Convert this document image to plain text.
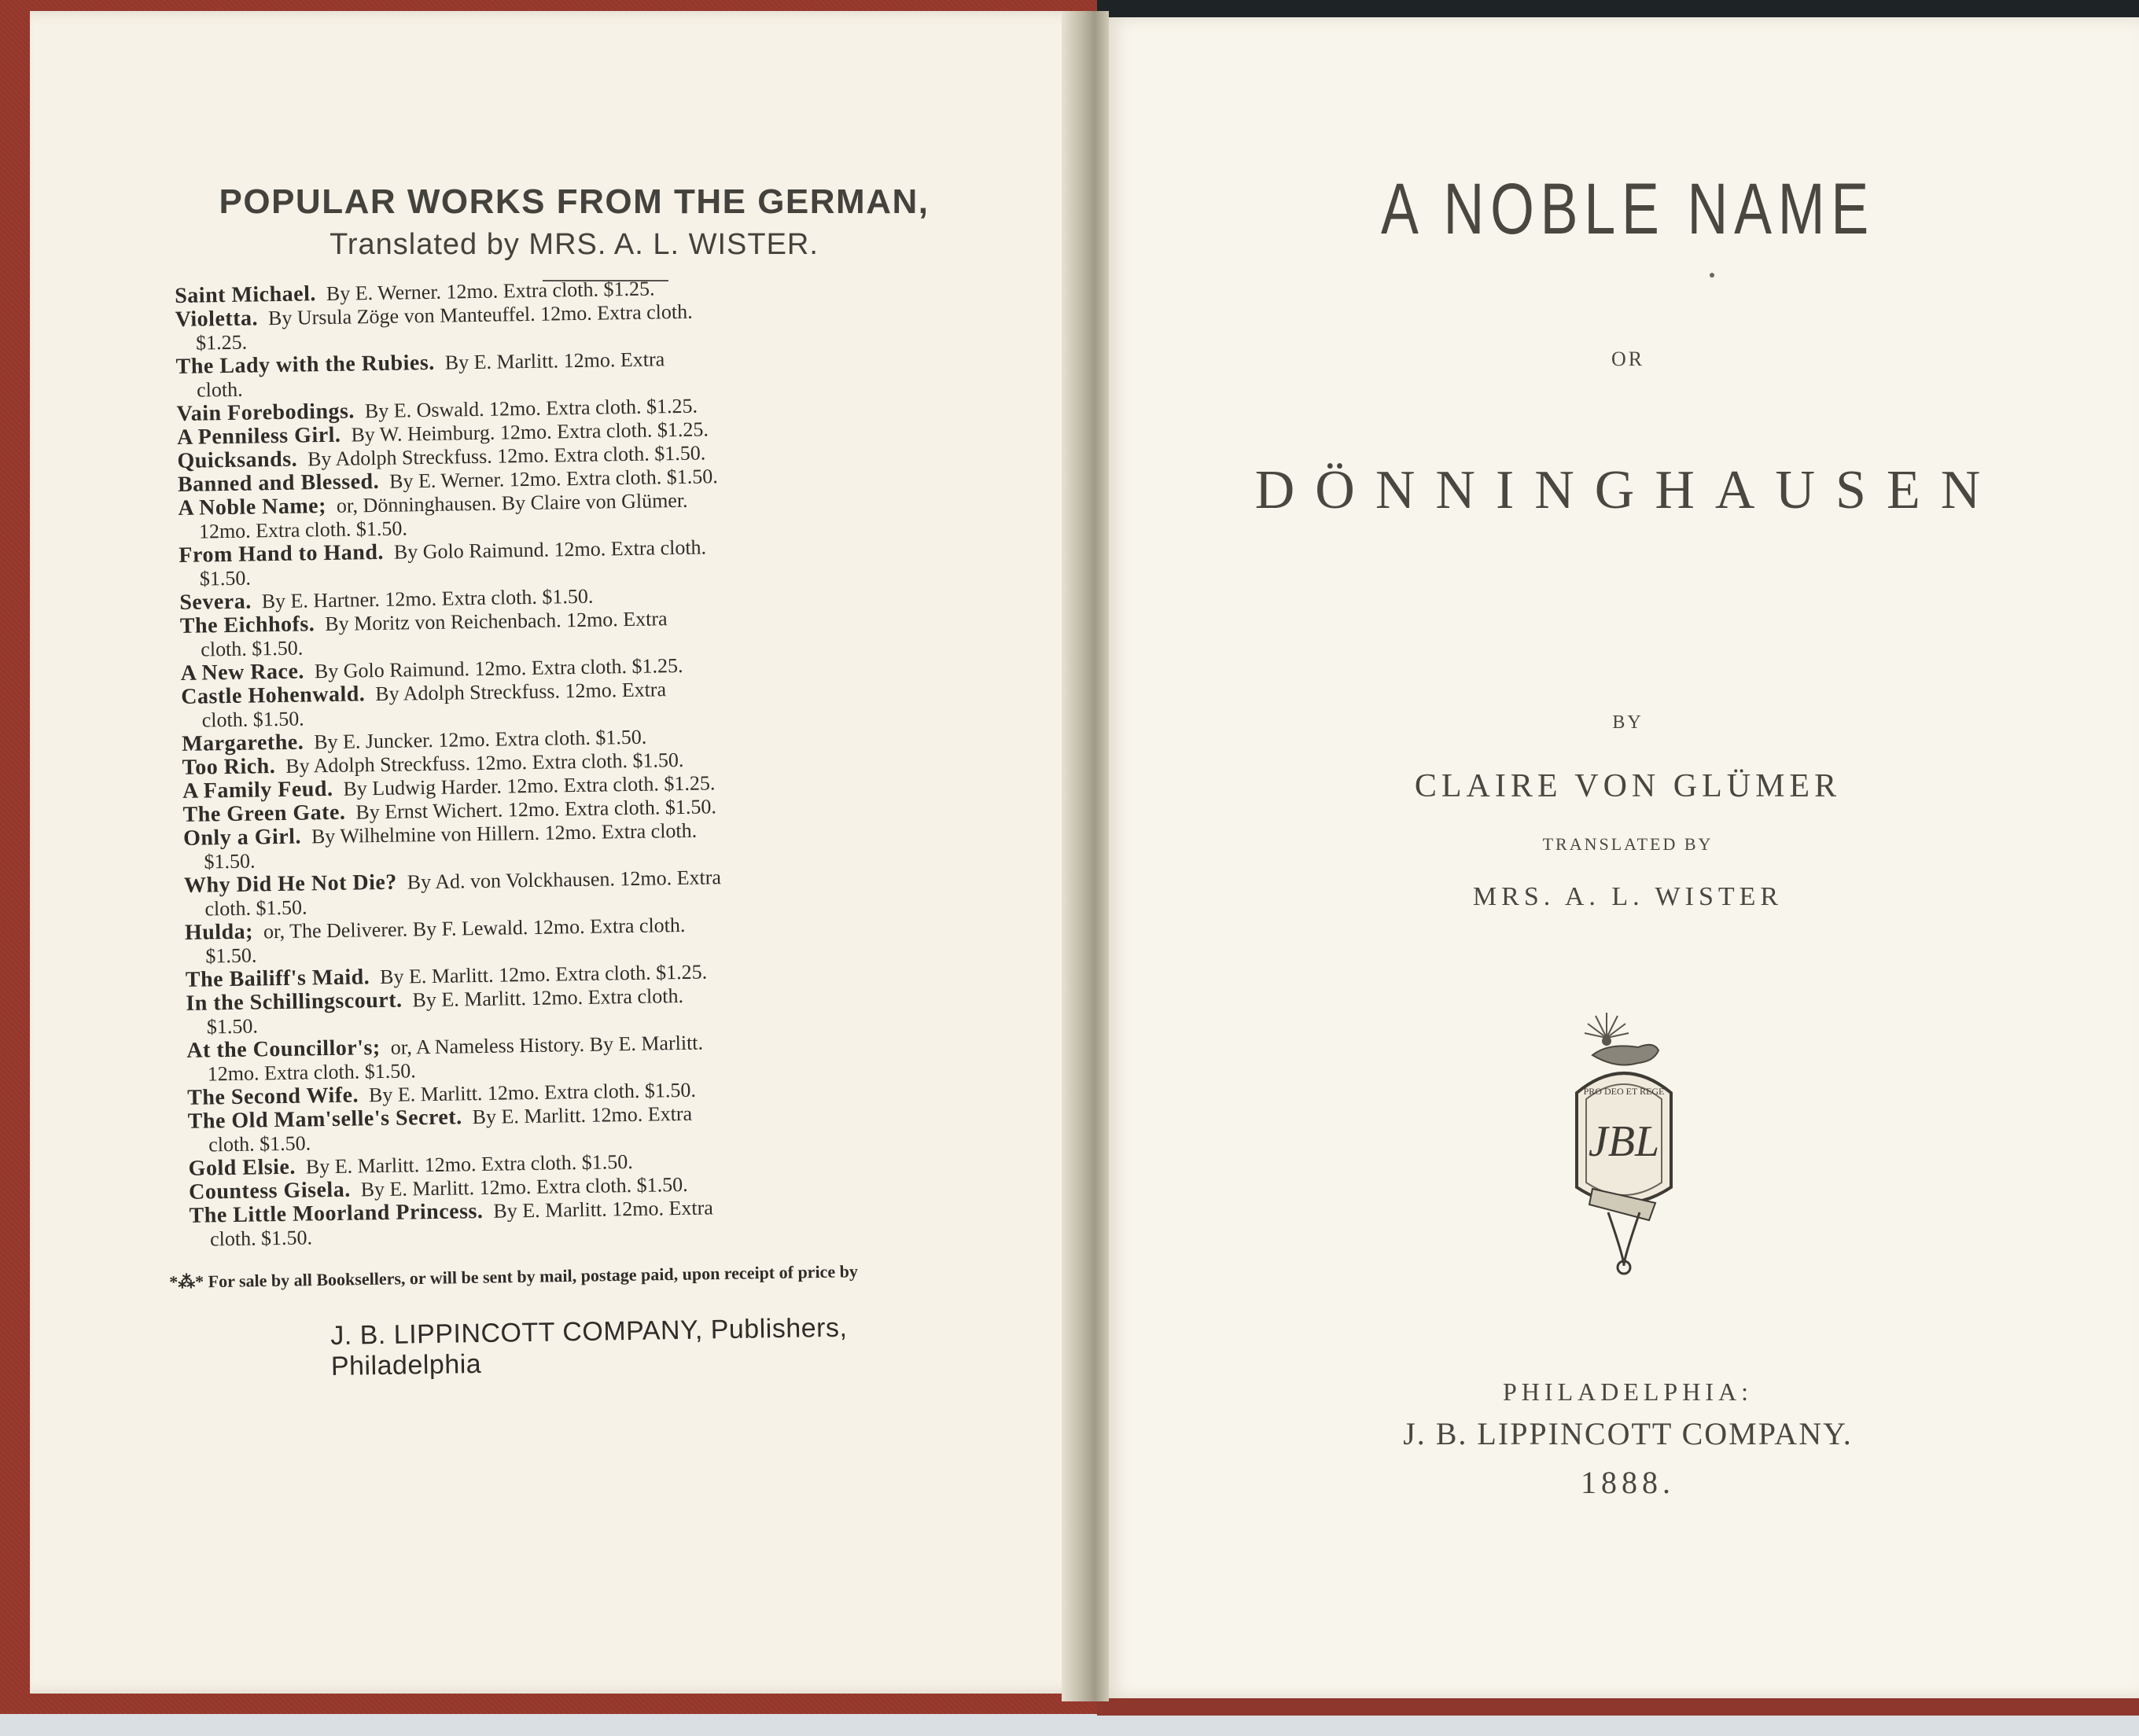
POPULAR WORKS FROM THE GERMAN,
Translated by MRS. A. L. WISTER.
Saint Michael.  By E. Werner. 12mo. Extra cloth. $1.25.
Violetta.  By Ursula Zöge von Manteuffel. 12mo. Extra cloth.
$1.25.
The Lady with the Rubies.  By E. Marlitt. 12mo. Extra
cloth.
Vain Forebodings.  By E. Oswald. 12mo. Extra cloth. $1.25.
A Penniless Girl.  By W. Heimburg. 12mo. Extra cloth. $1.25.
Quicksands.  By Adolph Streckfuss. 12mo. Extra cloth. $1.50.
Banned and Blessed.  By E. Werner. 12mo. Extra cloth. $1.50.
A Noble Name;  or, Dönninghausen. By Claire von Glümer.
12mo. Extra cloth. $1.50.
From Hand to Hand.  By Golo Raimund. 12mo. Extra cloth.
$1.50.
Severa.  By E. Hartner. 12mo. Extra cloth. $1.50.
The Eichhofs.  By Moritz von Reichenbach. 12mo. Extra
cloth. $1.50.
A New Race.  By Golo Raimund. 12mo. Extra cloth. $1.25.
Castle Hohenwald.  By Adolph Streckfuss. 12mo. Extra
cloth. $1.50.
Margarethe.  By E. Juncker. 12mo. Extra cloth. $1.50.
Too Rich.  By Adolph Streckfuss. 12mo. Extra cloth. $1.50.
A Family Feud.  By Ludwig Harder. 12mo. Extra cloth. $1.25.
The Green Gate.  By Ernst Wichert. 12mo. Extra cloth. $1.50.
Only a Girl.  By Wilhelmine von Hillern. 12mo. Extra cloth.
$1.50.
Why Did He Not Die?  By Ad. von Volckhausen. 12mo. Extra
cloth. $1.50.
Hulda;  or, The Deliverer. By F. Lewald. 12mo. Extra cloth.
$1.50.
The Bailiff's Maid.  By E. Marlitt. 12mo. Extra cloth. $1.25.
In the Schillingscourt.  By E. Marlitt. 12mo. Extra cloth.
$1.50.
At the Councillor's;  or, A Nameless History. By E. Marlitt.
12mo. Extra cloth. $1.50.
The Second Wife.  By E. Marlitt. 12mo. Extra cloth. $1.50.
The Old Mam'selle's Secret.  By E. Marlitt. 12mo. Extra
cloth. $1.50.
Gold Elsie.  By E. Marlitt. 12mo. Extra cloth. $1.50.
Countess Gisela.  By E. Marlitt. 12mo. Extra cloth. $1.50.
The Little Moorland Princess.  By E. Marlitt. 12mo. Extra
cloth. $1.50.
*⁂* For sale by all Booksellers, or will be sent by mail, postage paid, upon receipt of price by
J. B. LIPPINCOTT COMPANY, Publishers, Philadelphia
A NOBLE NAME
OR
DÖNNINGHAUSEN
BY
CLAIRE VON GLÜMER
TRANSLATED BY
MRS. A. L. WISTER
PRO DEO ET REGE
JBL
PHILADELPHIA:
J. B. LIPPINCOTT COMPANY.
1888.
